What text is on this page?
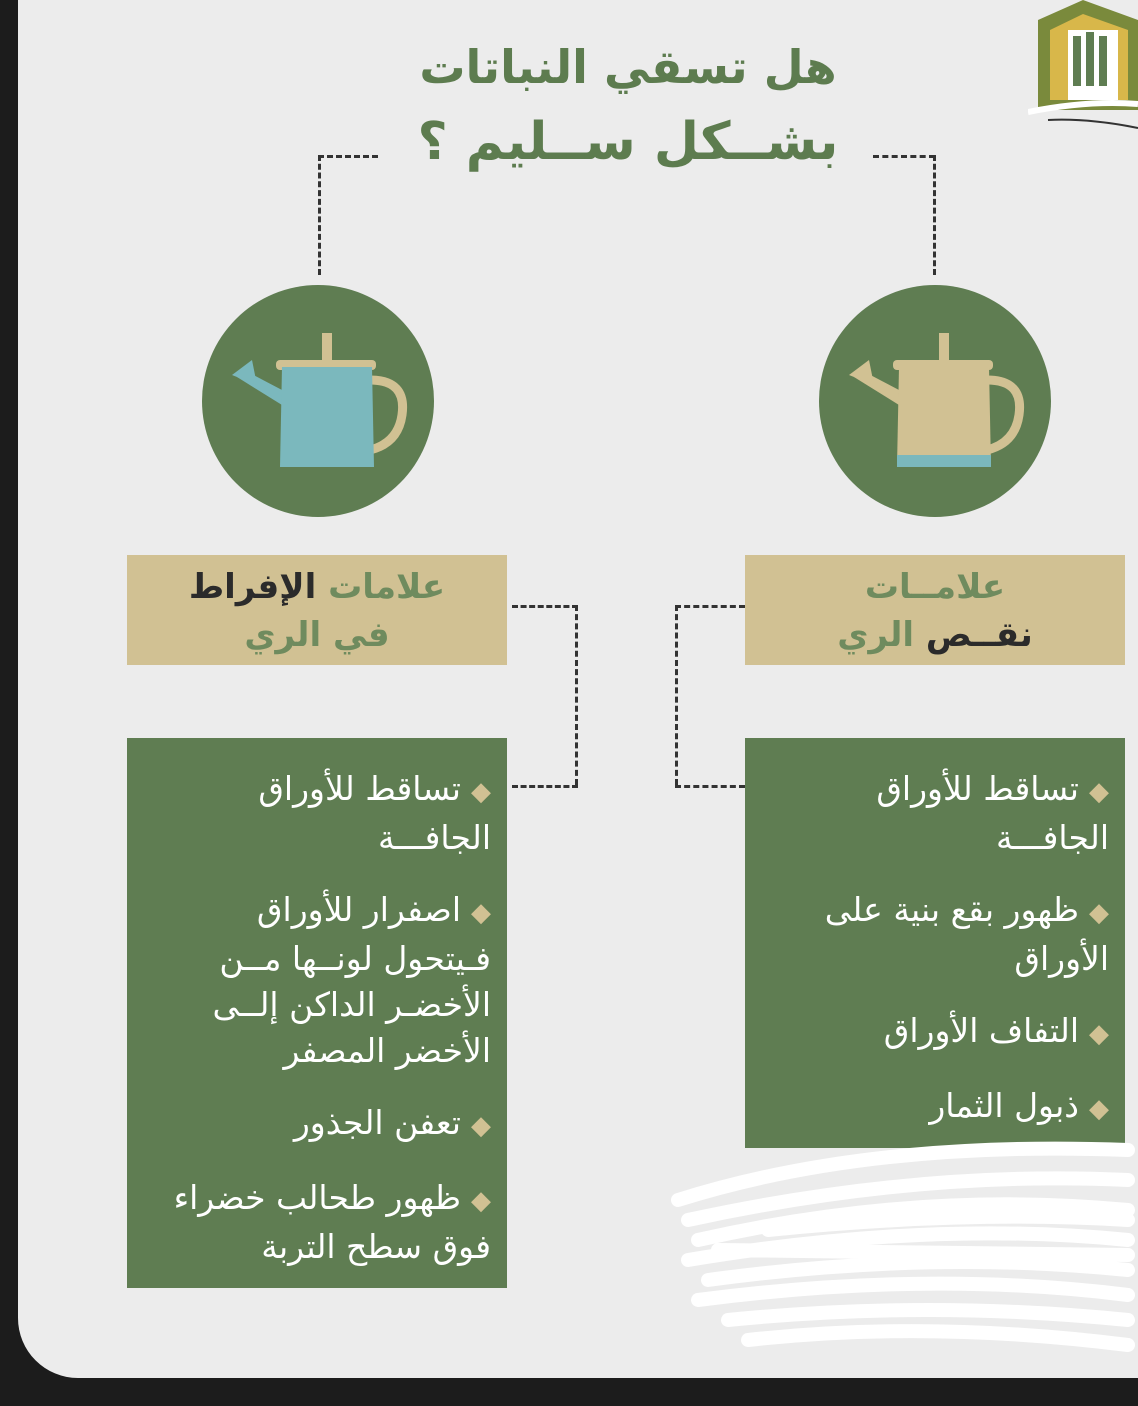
هل تسقي النباتات
بشــكل ســليم ؟
علامات الإفراط
في الري
علامــات
نقــص الري
◆تساقط للأوراق الجافـــة
◆اصفرار للأوراق فـيتحول لونــها مــن الأخضـر الداكن إلــى الأخضر المصفر
◆تعفن الجذور
◆ظهور طحالب خضراء فوق سطح التربة
◆تساقط للأوراق الجافـــة
◆ظهور بقع بنية على الأوراق
◆التفاف الأوراق
◆ذبول الثمار
